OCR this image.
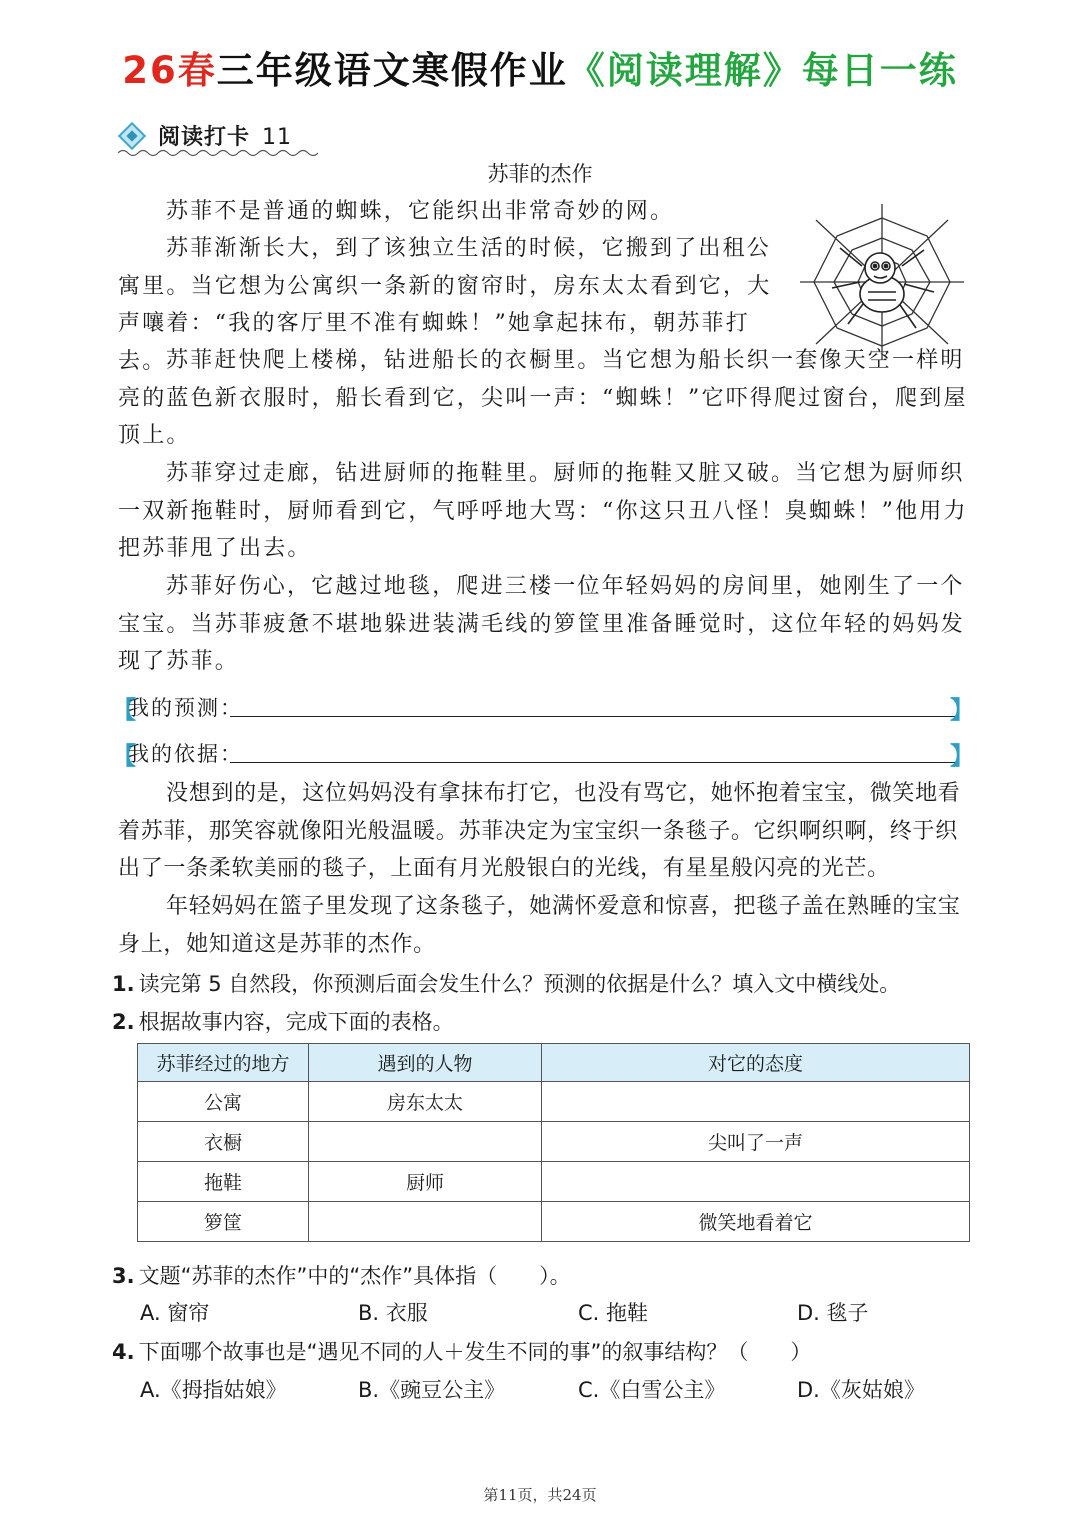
26春三年级语文寒假作业《阅读理解》每日一练
阅读打卡 11
苏菲的杰作

苏菲不是普通的蜘蛛，它能织出非常奇妙的网。

苏菲渐渐长大，到了该独立生活的时候，它搬到了出租公寓里。当它想为公寓织一条新的窗帘时，房东太太看到它，大声嚷着：“我的客厅里不准有蜘蛛！”她拿起抹布，朝苏菲打去。 苏菲赶快爬上楼梯，钻进船长的衣橱里。当它想为船长织一套像天空一样明亮的蓝色新衣服时，船长看到它，尖叫一声：“蜘蛛！”它吓得爬过窗台，爬到屋顶上。

苏菲穿过走廊，钻进厨师的拖鞋里。厨师的拖鞋又脏又破。当它想为厨师织一双新拖鞋时，厨师看到它，气呼呼地大骂：“你这只丑八怪！臭蜘蛛！”他用力把苏菲甩了出去。

苏菲好伤心，它越过地毯，爬进三楼一位年轻妈妈的房间里，她刚生了一个宝宝。当苏菲疲惫不堪地躲进装满毛线的箩筐里准备睡觉时，这位年轻的妈妈发现了苏菲。

【
我的预测：	】
【
我的依据：	】

没想到的是，这位妈妈没有拿抹布打它，也没有骂它，她怀抱着宝宝，微笑地看着苏菲，那笑容就像阳光般温暖。苏菲决定为宝宝织一条毯子。它织啊织啊，终于织出了一条柔软美丽的毯子，上面有月光般银白的光线，有星星般闪亮的光芒。

年轻妈妈在篮子里发现了这条毯子，她满怀爱意和惊喜，把毯子盖在熟睡的宝宝身上，她知道这是苏菲的杰作。

1. 读完第 5 自然段，你预测后面会发生什么？预测的依据是什么？填入文中横线处。
2. 根据故事内容，完成下面的表格。
苏菲经过的地方	遇到的人物	对它的态度
公寓	房东太太	
衣橱		尖叫了一声
拖鞋	厨师	
箩筐		微笑地看着它
3. 文题“苏菲的杰作”中的“杰作”具体指（　　）。
A. 窗帘	B. 衣服	C. 拖鞋	D. 毯子
4. 下面哪个故事也是“遇见不同的人＋发生不同的事”的叙事结构？（　　）
A.《拇指姑娘》	B.《豌豆公主》	C.《白雪公主》	D.《灰姑娘》
第11页，共24页
